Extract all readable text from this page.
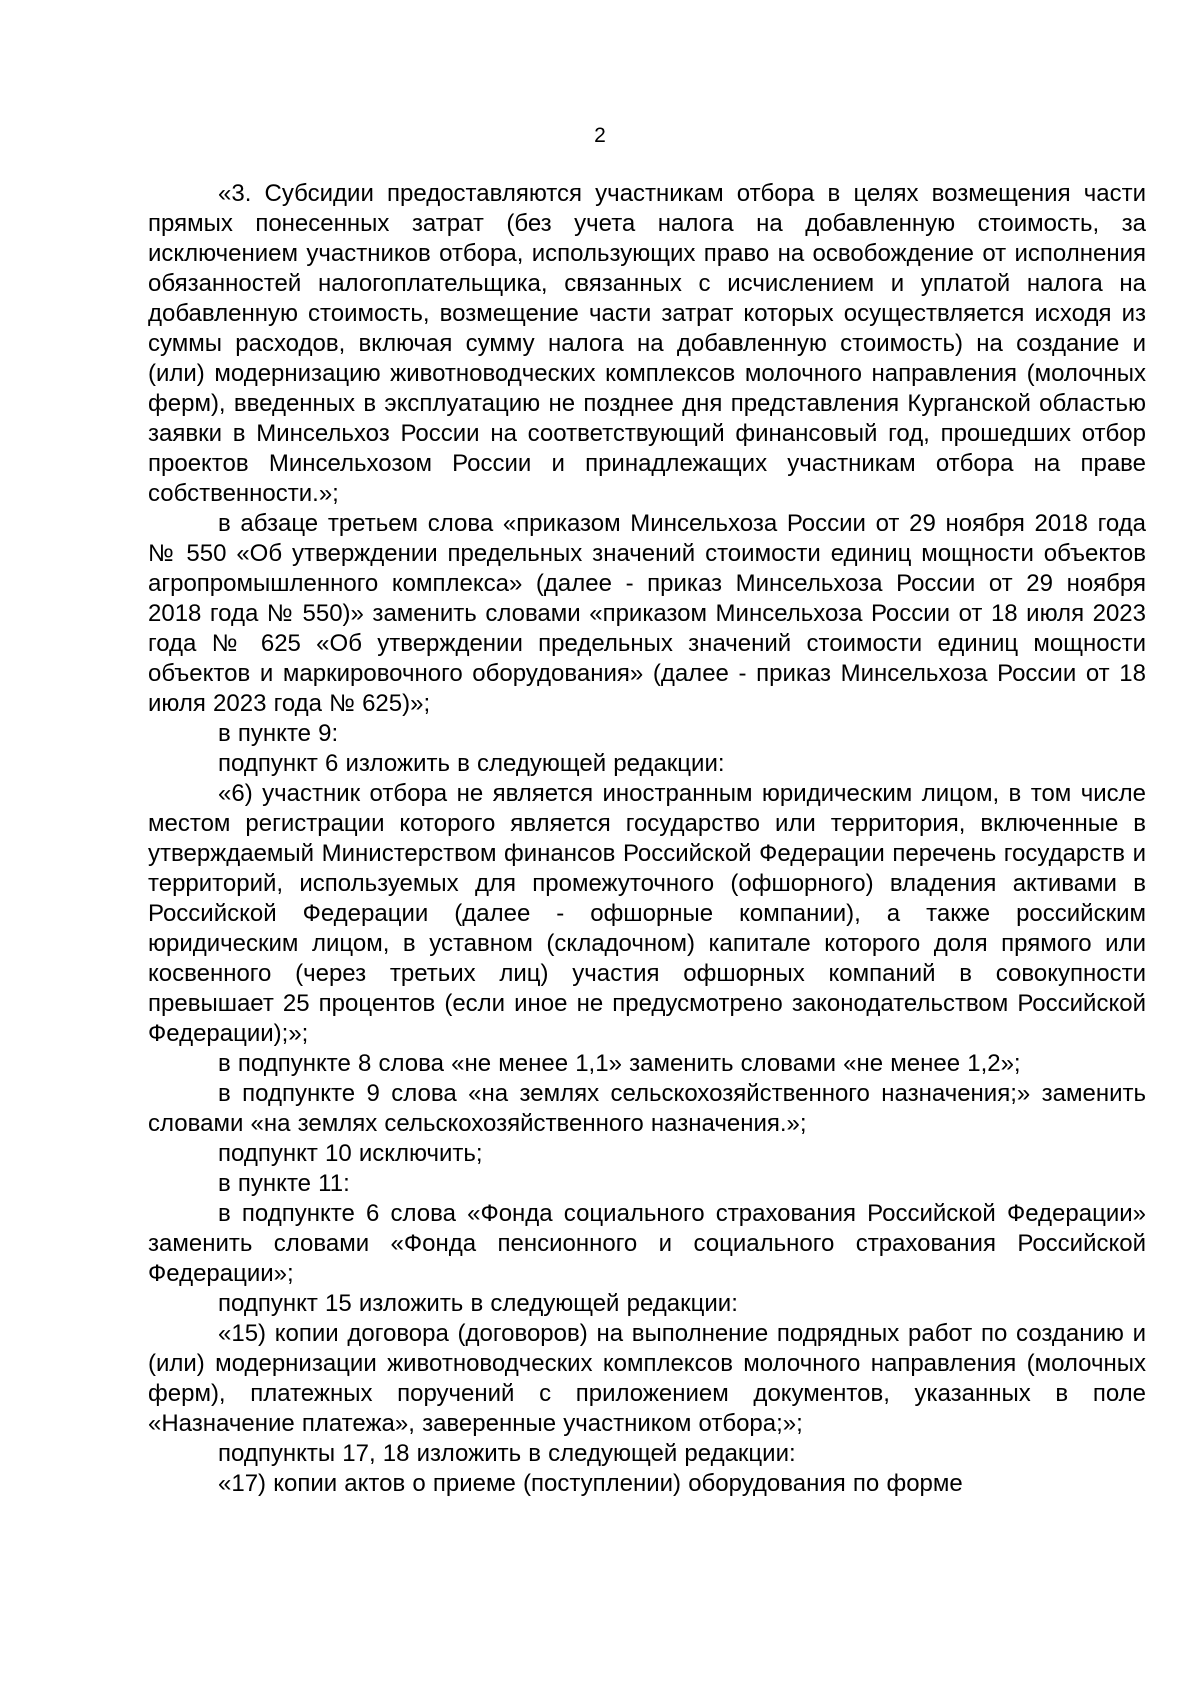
2

«3. Субсидии предоставляются участникам отбора в целях возмещения части прямых понесенных затрат (без учета налога на добавленную стоимость, за исключением участников отбора, использующих право на освобождение от исполнения обязанностей налогоплательщика, связанных с исчислением и уплатой налога на добавленную стоимость, возмещение части затрат которых осуществляется исходя из суммы расходов, включая сумму налога на добавленную стоимость) на создание и (или) модернизацию животноводческих комплексов молочного направления (молочных ферм), введенных в эксплуатацию не позднее дня представления Курганской областью заявки в Минсельхоз России на соответствующий финансовый год, прошедших отбор проектов Минсельхозом России и принадлежащих участникам отбора на праве собственности.»;

в абзаце третьем слова «приказом Минсельхоза России от 29 ноября 2018 года № 550 «Об утверждении предельных значений стоимости единиц мощности объектов агропромышленного комплекса» (далее - приказ Минсельхоза России от 29 ноября 2018 года № 550)» заменить словами «приказом Минсельхоза России от 18 июля 2023 года № 625 «Об утверждении предельных значений стоимости единиц мощности объектов и маркировочного оборудования» (далее - приказ Минсельхоза России от 18 июля 2023 года № 625)»;

в пункте 9:

подпункт 6 изложить в следующей редакции:

«6) участник отбора не является иностранным юридическим лицом, в том числе местом регистрации которого является государство или территория, включенные в утверждаемый Министерством финансов Российской Федерации перечень государств и территорий, используемых для промежуточного (офшорного) владения активами в Российской Федерации (далее - офшорные компании), а также российским юридическим лицом, в уставном (складочном) капитале которого доля прямого или косвенного (через третьих лиц) участия офшорных компаний в совокупности превышает 25 процентов (если иное не предусмотрено законодательством Российской Федерации);»;

в подпункте 8 слова «не менее 1,1» заменить словами «не менее 1,2»;

в подпункте 9 слова «на землях сельскохозяйственного назначения;» заменить словами «на землях сельскохозяйственного назначения.»;

подпункт 10 исключить;

в пункте 11:

в подпункте 6 слова «Фонда социального страхования Российской Федерации» заменить словами «Фонда пенсионного и социального страхования Российской Федерации»;

подпункт 15 изложить в следующей редакции:

«15) копии договора (договоров) на выполнение подрядных работ по созданию и (или) модернизации животноводческих комплексов молочного направления (молочных ферм), платежных поручений с приложением документов, указанных в поле «Назначение платежа», заверенные участником отбора;»;

подпункты 17, 18 изложить в следующей редакции:

«17) копии актов о приеме (поступлении) оборудования по форме
